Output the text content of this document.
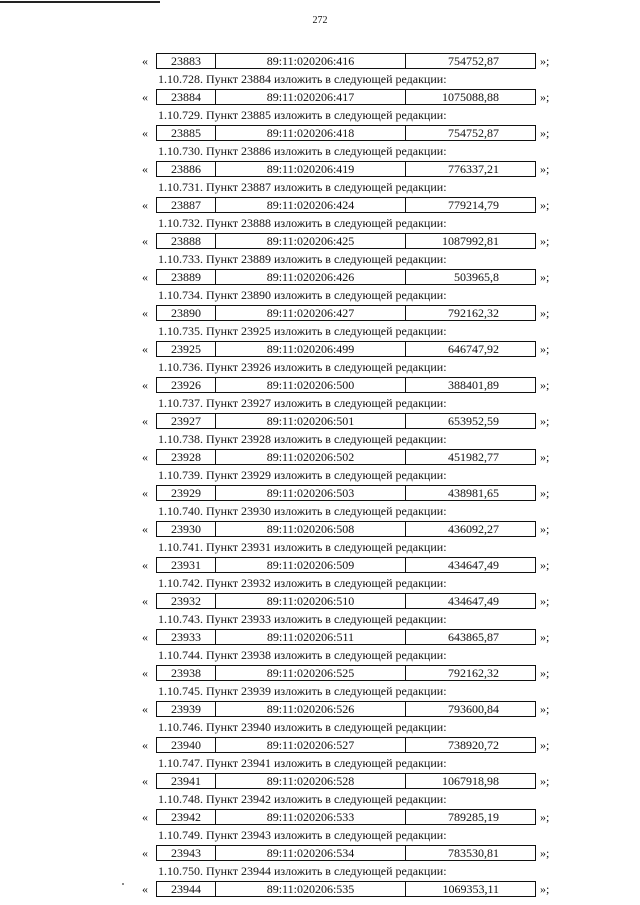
272
«	23883	89:11:020206:416	754752,87	»;
1.10.728. Пункт 23884 изложить в следующей редакции:
«	23884	89:11:020206:417	1075088,88	»;
1.10.729. Пункт 23885 изложить в следующей редакции:
«	23885	89:11:020206:418	754752,87	»;
1.10.730. Пункт 23886 изложить в следующей редакции:
«	23886	89:11:020206:419	776337,21	»;
1.10.731. Пункт 23887 изложить в следующей редакции:
«	23887	89:11:020206:424	779214,79	»;
1.10.732. Пункт 23888 изложить в следующей редакции:
«	23888	89:11:020206:425	1087992,81	»;
1.10.733. Пункт 23889 изложить в следующей редакции:
«	23889	89:11:020206:426	503965,8	»;
1.10.734. Пункт 23890 изложить в следующей редакции:
«	23890	89:11:020206:427	792162,32	»;
1.10.735. Пункт 23925 изложить в следующей редакции:
«	23925	89:11:020206:499	646747,92	»;
1.10.736. Пункт 23926 изложить в следующей редакции:
«	23926	89:11:020206:500	388401,89	»;
1.10.737. Пункт 23927 изложить в следующей редакции:
«	23927	89:11:020206:501	653952,59	»;
1.10.738. Пункт 23928 изложить в следующей редакции:
«	23928	89:11:020206:502	451982,77	»;
1.10.739. Пункт 23929 изложить в следующей редакции:
«	23929	89:11:020206:503	438981,65	»;
1.10.740. Пункт 23930 изложить в следующей редакции:
«	23930	89:11:020206:508	436092,27	»;
1.10.741. Пункт 23931 изложить в следующей редакции:
«	23931	89:11:020206:509	434647,49	»;
1.10.742. Пункт 23932 изложить в следующей редакции:
«	23932	89:11:020206:510	434647,49	»;
1.10.743. Пункт 23933 изложить в следующей редакции:
«	23933	89:11:020206:511	643865,87	»;
1.10.744. Пункт 23938 изложить в следующей редакции:
«	23938	89:11:020206:525	792162,32	»;
1.10.745. Пункт 23939 изложить в следующей редакции:
«	23939	89:11:020206:526	793600,84	»;
1.10.746. Пункт 23940 изложить в следующей редакции:
«	23940	89:11:020206:527	738920,72	»;
1.10.747. Пункт 23941 изложить в следующей редакции:
«	23941	89:11:020206:528	1067918,98	»;
1.10.748. Пункт 23942 изложить в следующей редакции:
«	23942	89:11:020206:533	789285,19	»;
1.10.749. Пункт 23943 изложить в следующей редакции:
«	23943	89:11:020206:534	783530,81	»;
1.10.750. Пункт 23944 изложить в следующей редакции:
«	23944	89:11:020206:535	1069353,11	»;
